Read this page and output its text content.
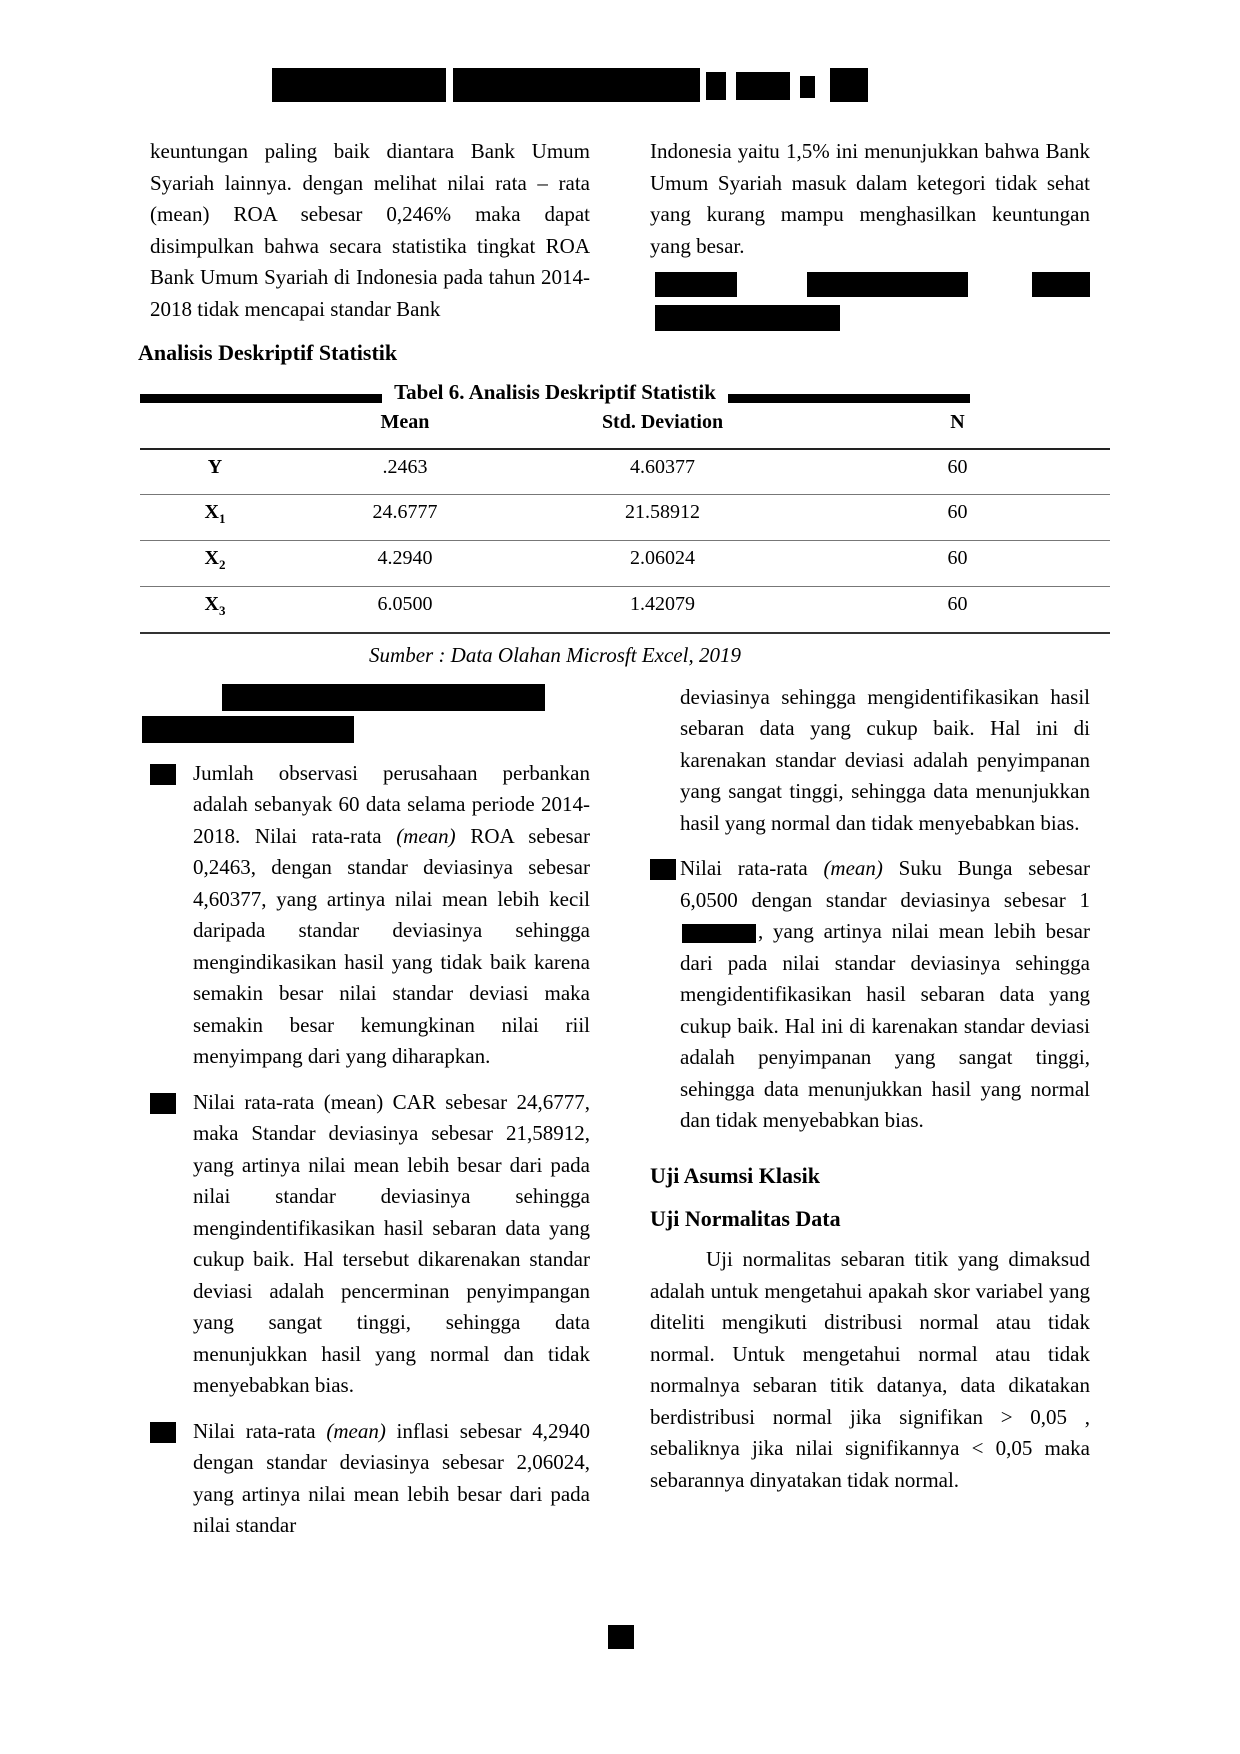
keuntungan paling baik diantara Bank Umum Syariah lainnya. dengan melihat nilai rata – rata (mean) ROA sebesar 0,246% maka dapat disimpulkan bahwa secara statistika tingkat ROA Bank Umum Syariah di Indonesia pada tahun 2014-2018 tidak mencapai standar Bank

Indonesia yaitu 1,5% ini menunjukkan bahwa Bank Umum Syariah masuk dalam ketegori tidak sehat yang kurang mampu menghasilkan keuntungan yang besar.

Analisis Deskriptif Statistik
Tabel 6. Analisis Deskriptif Statistik
	Mean	Std. Deviation	N
Y	.2463	4.60377	60
$X_1$	24.6777	21.58912	60
$X_2$	4.2940	2.06024	60
$X_3$	6.0500	1.42079	60
Sumber : Data Olahan Microsft Excel, 2019

Jumlah observasi perusahaan perbankan adalah sebanyak 60 data selama periode 2014-2018. Nilai rata-rata (mean) ROA sebesar 0,2463, dengan standar deviasinya sebesar 4,60377, yang artinya nilai mean lebih kecil daripada standar deviasinya sehingga mengindikasikan hasil yang tidak baik karena semakin besar nilai standar deviasi maka semakin besar kemungkinan nilai riil menyimpang dari yang diharapkan.

Nilai rata-rata (mean) CAR sebesar 24,6777, maka Standar deviasinya sebesar 21,58912, yang artinya nilai mean lebih besar dari pada nilai standar deviasinya sehingga mengindentifikasikan hasil sebaran data yang cukup baik. Hal tersebut dikarenakan standar deviasi adalah pencerminan penyimpangan yang sangat tinggi, sehingga data menunjukkan hasil yang normal dan tidak menyebabkan bias.

Nilai rata-rata (mean) inflasi sebesar 4,2940 dengan standar deviasinya sebesar 2,06024, yang artinya nilai mean lebih besar dari pada nilai standar

deviasinya sehingga mengidentifikasikan hasil sebaran data yang cukup baik. Hal ini di karenakan standar deviasi adalah penyimpanan yang sangat tinggi, sehingga data menunjukkan hasil yang normal dan tidak menyebabkan bias.

Nilai rata-rata (mean) Suku Bunga sebesar 6,0500 dengan standar deviasinya sebesar 1, yang artinya nilai mean lebih besar dari pada nilai standar deviasinya sehingga mengidentifikasikan hasil sebaran data yang cukup baik. Hal ini di karenakan standar deviasi adalah penyimpanan yang sangat tinggi, sehingga data menunjukkan hasil yang normal dan tidak menyebabkan bias.

Uji Asumsi Klasik
Uji Normalitas Data

Uji normalitas sebaran titik yang dimaksud adalah untuk mengetahui apakah skor variabel yang diteliti mengikuti distribusi normal atau tidak normal. Untuk mengetahui normal atau tidak normalnya sebaran titik datanya, data dikatakan berdistribusi normal jika signifikan > 0,05 , sebaliknya jika nilai signifikannya < 0,05 maka sebarannya dinyatakan tidak normal.
